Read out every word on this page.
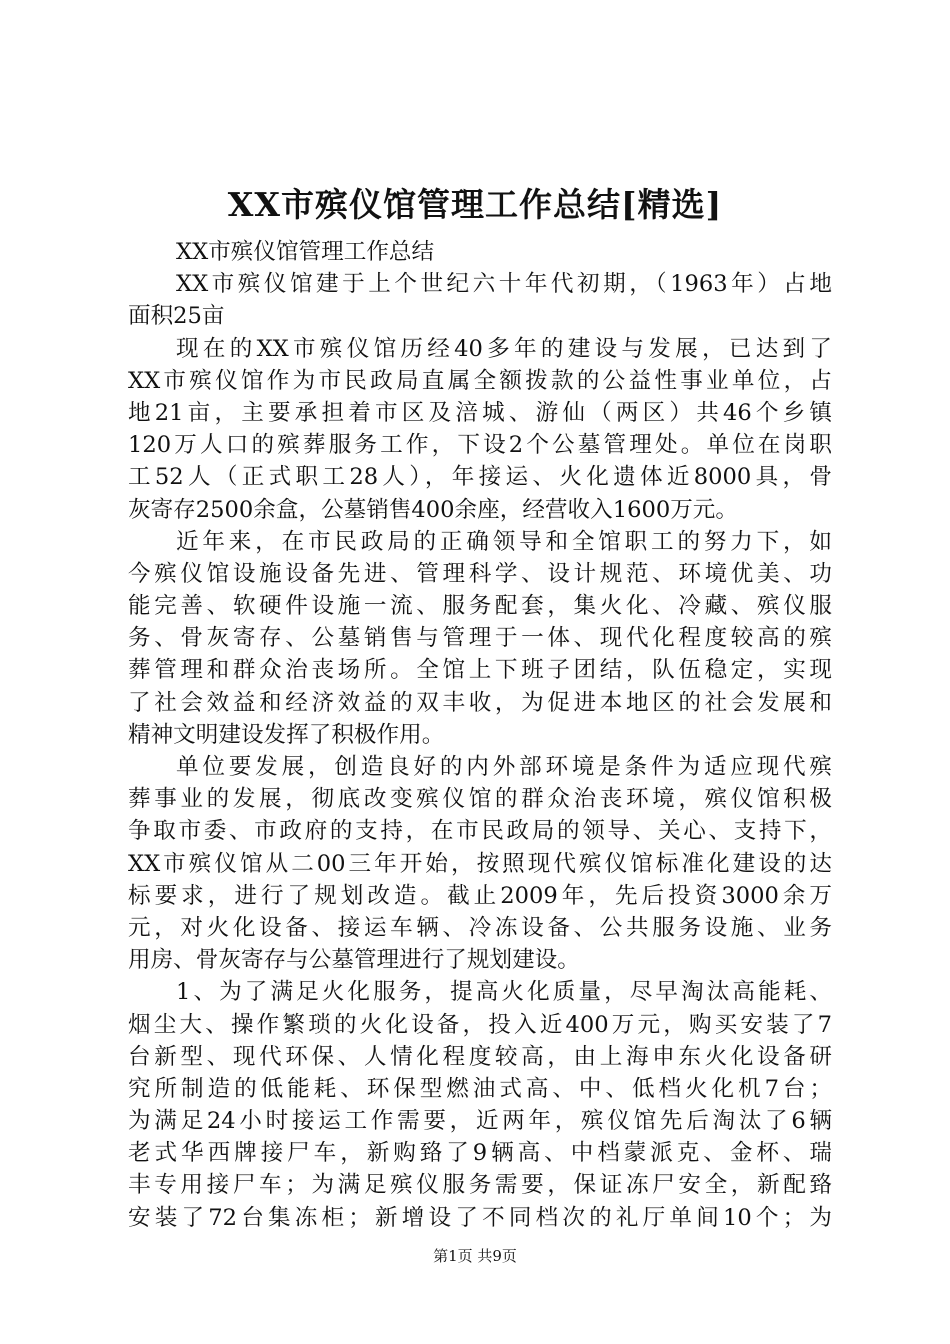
XX市殡仪馆管理工作总结[精选]
XX市殡仪馆管理工作总结
XX市殡仪馆建于上个世纪六十年代初期，（1963年）占地
面积25亩
现在的XX市殡仪馆历经40多年的建设与发展，已达到了
XX市殡仪馆作为市民政局直属全额拨款的公益性事业单位，占
地21亩，主要承担着市区及涪城、游仙（两区）共46个乡镇
120万人口的殡葬服务工作，下设2个公墓管理处。单位在岗职
工52人（正式职工28人），年接运、火化遗体近8000具，骨
灰寄存2500余盒，公墓销售400余座，经营收入1600万元。
近年来，在市民政局的正确领导和全馆职工的努力下，如
今殡仪馆设施设备先进、管理科学、设计规范、环境优美、功
能完善、软硬件设施一流、服务配套，集火化、冷藏、殡仪服
务、骨灰寄存、公墓销售与管理于一体、现代化程度较高的殡
葬管理和群众治丧场所。全馆上下班子团结，队伍稳定，实现
了社会效益和经济效益的双丰收，为促进本地区的社会发展和
精神文明建设发挥了积极作用。
单位要发展，创造良好的内外部环境是条件为适应现代殡
葬事业的发展，彻底改变殡仪馆的群众治丧环境，殡仪馆积极
争取市委、市政府的支持，在市民政局的领导、关心、支持下，
XX市殡仪馆从二00三年开始，按照现代殡仪馆标准化建设的达
标要求，进行了规划改造。截止2009年，先后投资3000余万
元，对火化设备、接运车辆、冷冻设备、公共服务设施、业务
用房、骨灰寄存与公墓管理进行了规划建设。
1、为了满足火化服务，提高火化质量，尽早淘汰高能耗、
烟尘大、操作繁琐的火化设备，投入近400万元，购买安装了7
台新型、现代环保、人情化程度较高，由上海申东火化设备研
究所制造的低能耗、环保型燃油式高、中、低档火化机7台；
为满足24小时接运工作需要，近两年，殡仪馆先后淘汰了6辆
老式华西牌接尸车，新购臵了9辆高、中档蒙派克、金杯、瑞
丰专用接尸车；为满足殡仪服务需要，保证冻尸安全，新配臵
安装了72台集冻柜；新增设了不同档次的礼厅单间10个；为
第1页 共9页
